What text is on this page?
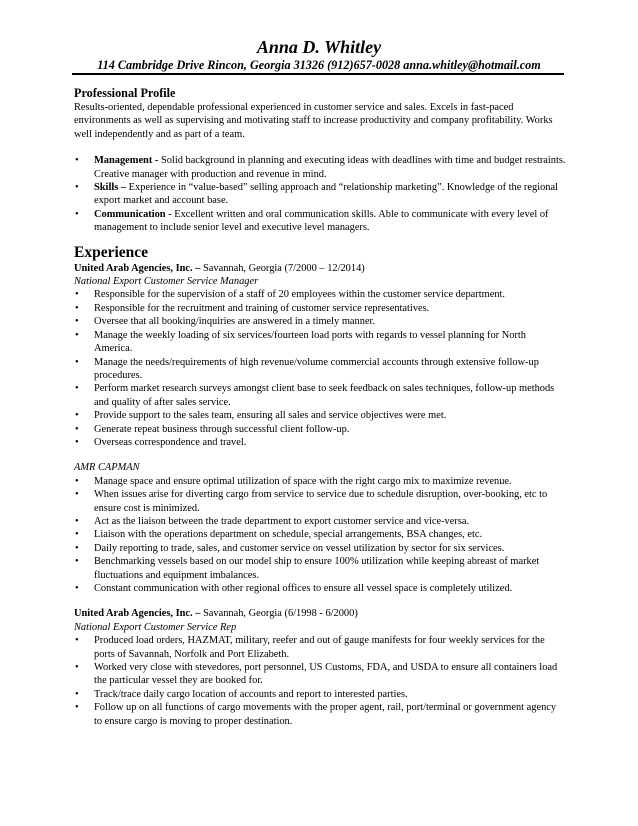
Anna D. Whitley
114 Cambridge Drive Rincon, Georgia 31326 (912)657-0028 anna.whitley@hotmail.com

Professional Profile

Results-oriented, dependable professional experienced in customer service and sales. Excels in fast-paced environments as well as supervising and motivating staff to increase productivity and company profitability. Works well independently and as part of a team.

• Management - Solid background in planning and executing ideas with deadlines with time and budget restraints. Creative manager with production and revenue in mind.
• Skills – Experience in “value-based” selling approach and “relationship marketing”. Knowledge of the regional export market and account base.
• Communication - Excellent written and oral communication skills. Able to communicate with every level of management to include senior level and executive level managers.

Experience

United Arab Agencies, Inc. – Savannah, Georgia (7/2000 – 12/2014)

National Export Customer Service Manager

• Responsible for the supervision of a staff of 20 employees within the customer service department.
• Responsible for the recruitment and training of customer service representatives.
• Oversee that all booking/inquiries are answered in a timely manner.
• Manage the weekly loading of six services/fourteen load ports with regards to vessel planning for North America.
• Manage the needs/requirements of high revenue/volume commercial accounts through extensive follow-up procedures.
• Perform market research surveys amongst client base to seek feedback on sales techniques, follow-up methods and quality of after sales service.
• Provide support to the sales team, ensuring all sales and service objectives were met.
• Generate repeat business through successful client follow-up.
• Overseas correspondence and travel.

AMR CAPMAN

• Manage space and ensure optimal utilization of space with the right cargo mix to maximize revenue.
• When issues arise for diverting cargo from service to service due to schedule disruption, over-booking, etc to ensure cost is minimized.
• Act as the liaison between the trade department to export customer service and vice-versa.
• Liaison with the operations department on schedule, special arrangements, BSA changes, etc.
• Daily reporting to trade, sales, and customer service on vessel utilization by sector for six services.
• Benchmarking vessels based on our model ship to ensure 100% utilization while keeping abreast of market fluctuations and equipment imbalances.
• Constant communication with other regional offices to ensure all vessel space is completely utilized.

United Arab Agencies, Inc. – Savannah, Georgia (6/1998 - 6/2000)

National Export Customer Service Rep

• Produced load orders, HAZMAT, military, reefer and out of gauge manifests for four weekly services for the ports of Savannah, Norfolk and Port Elizabeth.
• Worked very close with stevedores, port personnel, US Customs, FDA, and USDA to ensure all containers load the particular vessel they are booked for.
• Track/trace daily cargo location of accounts and report to interested parties.
• Follow up on all functions of cargo movements with the proper agent, rail, port/terminal or government agency to ensure cargo is moving to proper destination.
